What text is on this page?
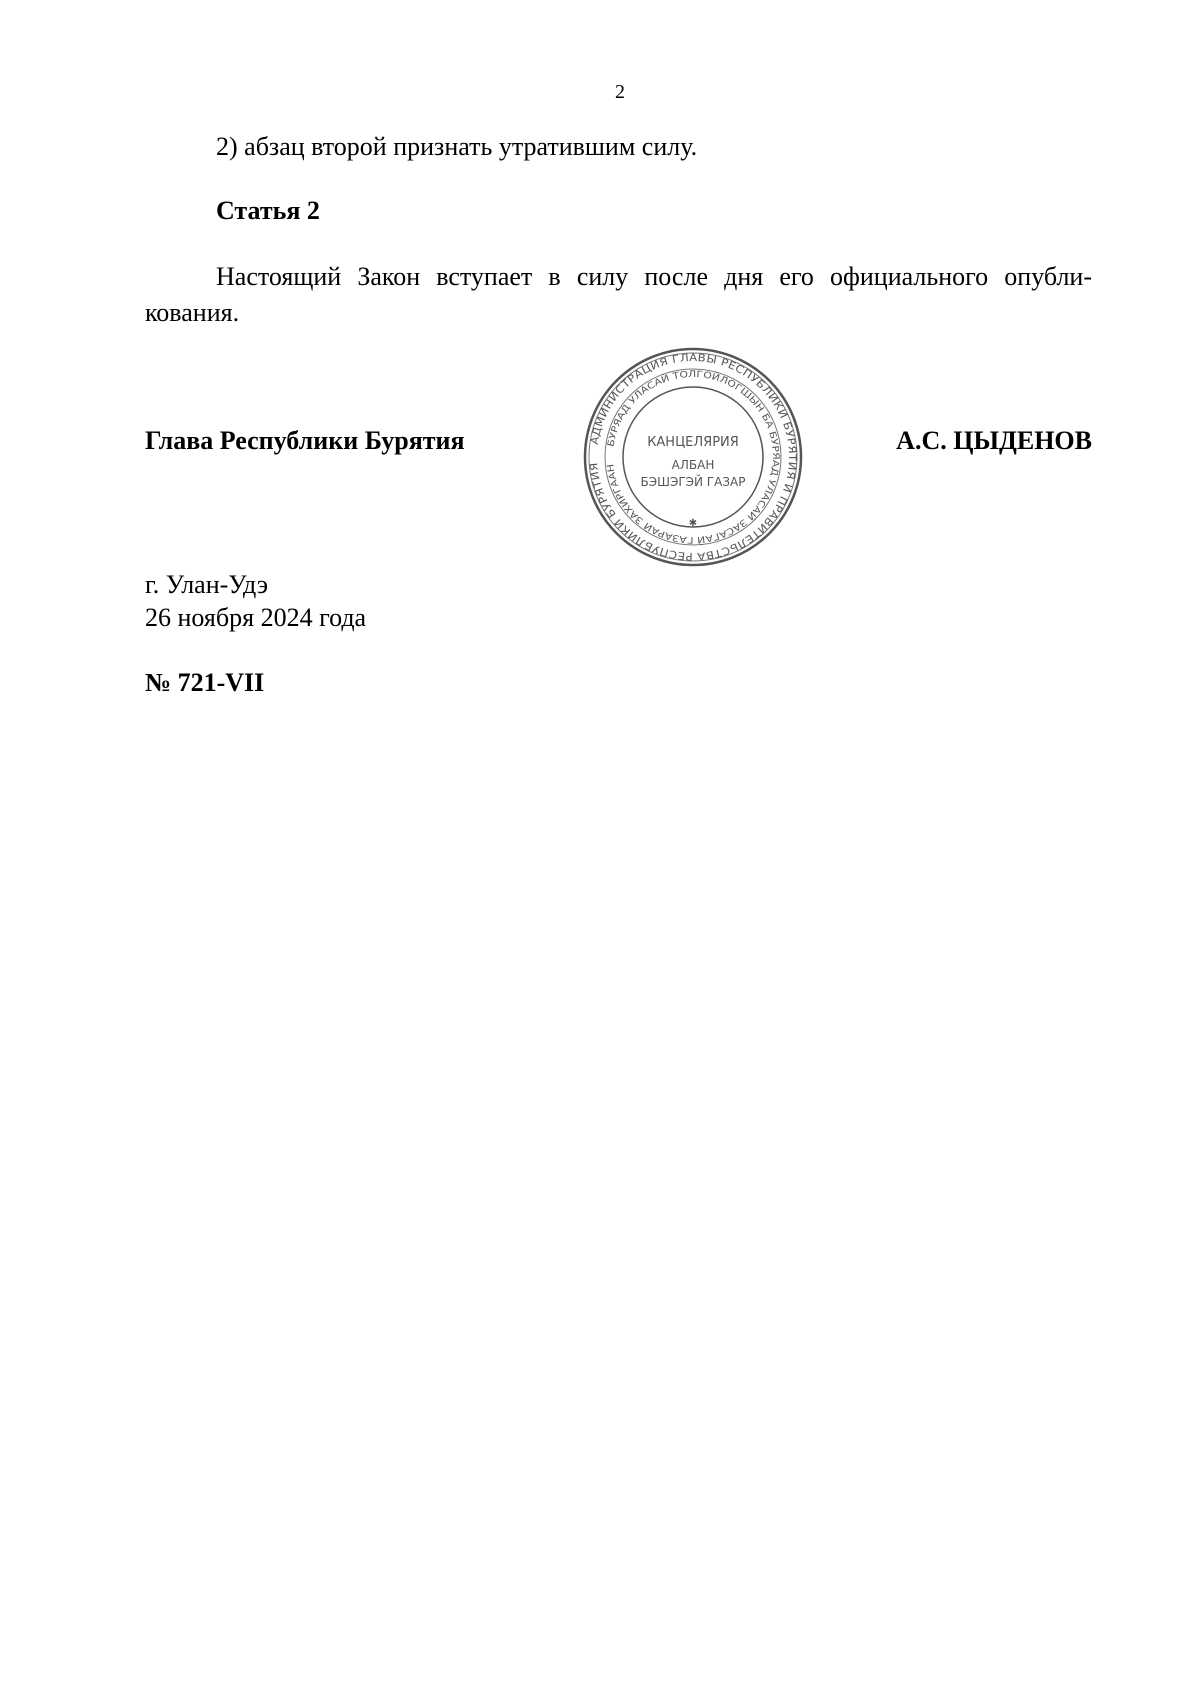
2
2) абзац второй признать утратившим силу.
Статья 2
Настоящий Закон вступает в силу после дня его официального опубли-
кования.
Глава Республики Бурятия	АДМИНИСТРАЦИЯ ГЛАВЫ РЕСПУБЛИКИ БУРЯТИЯ И ПРАВИТЕЛЬСТВА РЕСПУБЛИКИ БУРЯТИЯ
БУРЯАД УЛАСАЙ ТОЛГОЙЛОГШЫН БА БУРЯАД УЛАСАЙ ЗАСАГАЙ ГАЗАРАЙ ЗАХИРГААН
КАНЦЕЛЯРИЯ
АЛБАН
БЭШЭГЭЙ ГАЗАР
✱
А.С. ЦЫДЕНОВ
г. Улан-Удэ
26 ноября 2024 года
№ 721-VII
